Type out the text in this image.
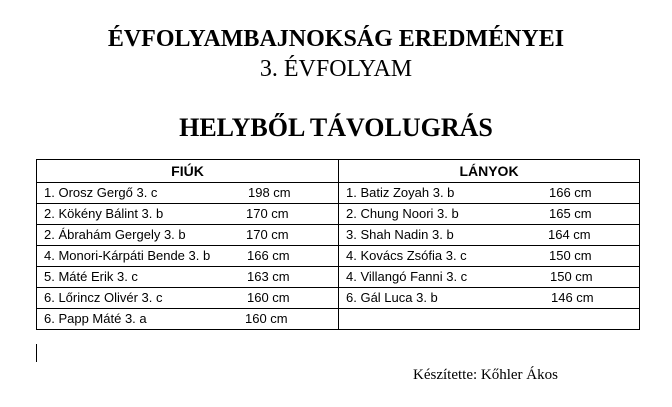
ÉVFOLYAMBAJNOKSÁG EREDMÉNYEI
3. ÉVFOLYAM
HELYBŐL TÁVOLUGRÁS
FIÚK	LÁNYOK

1. Orosz Gergő 3. c 198 cm	1. Batiz Zoyah 3. b 166 cm

2. Kökény Bálint 3. b 170 cm	2. Chung Noori 3. b 165 cm

2. Ábrahám Gergely 3. b 170 cm	3. Shah Nadin 3. b 164 cm

4. Monori-Kárpáti Bende 3. b 166 cm	4. Kovács Zsófia 3. c 150 cm

5. Máté Erik 3. c 163 cm	4. Villangó Fanni 3. c 150 cm

6. Lőrincz Olivér 3. c 160 cm	6. Gál Luca 3. b 146 cm

6. Papp Máté 3. a 160 cm	

Készítette: Kőhler Ákos
